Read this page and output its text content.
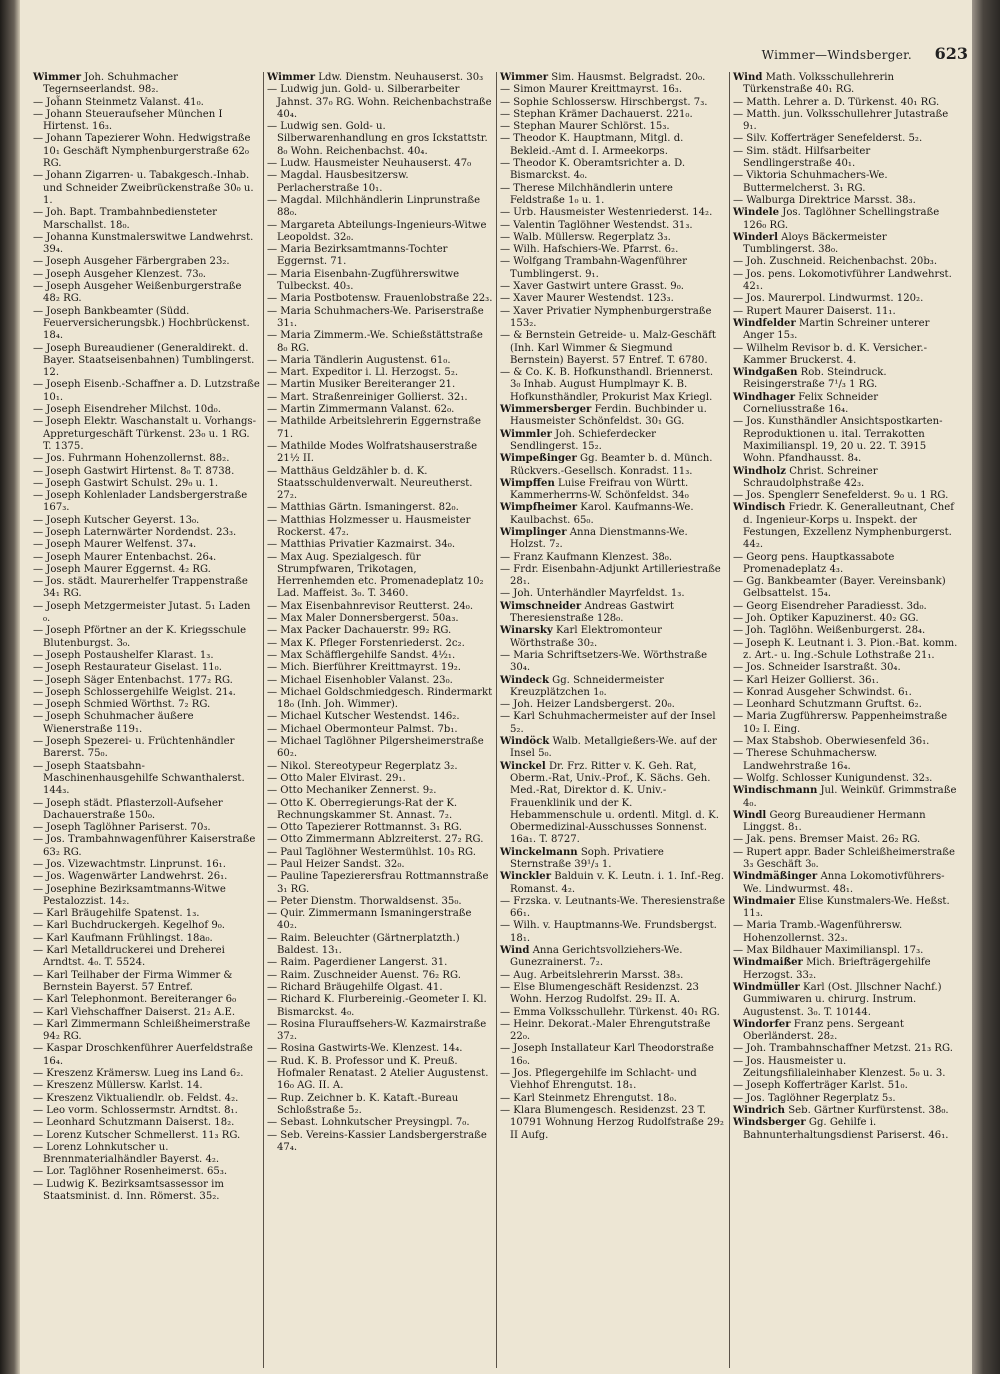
Wimmer—Windsberger. 623

Wimmer Joh. Schuhmacher Tegernseerlandst. 98₂.

— Joh̃ann Steinmetz Valanst. 41₀.

— Johann Steueraufseher München I Hirtenst. 16₃.

— Johann Tapezierer Wohn. Hedwigstraße 10₁ Geschäft Nymphenburgerstraße 62₀ RG.

— Johann Zigarren- u. Tabakgesch.-Inhab. und Schneider Zweibrückenstraße 30₀ u. 1.

— Joh. Bapt. Trambahnbediensteter Marschallst. 18₀.

— Johanna Kunstmalerswitwe Landwehrst. 39₄.

— Joseph Ausgeher Färbergraben 23₂.

— Joseph Ausgeher Klenzest. 73₀.

— Joseph Ausgeher Weißenburgerstraße 48₂ RG.

— Joseph Bankbeamter (Südd. Feuerversicherungsbk.) Hochbrückenst. 18₄.

— Joseph Bureaudiener (Generaldirekt. d. Bayer. Staatseisenbahnen) Tumblingerst. 12.

— Joseph Eisenb.-Schaffner a. D. Lutzstraße 10₁.

— Joseph Eisendreher Milchst. 10d₀.

— Joseph Elektr. Waschanstalt u. Vorhangs-Appreturgeschäft Türkenst. 23₀ u. 1 RG. T. 1375.

— Jos. Fuhrmann Hohenzollernst. 88₂.

— Joseph Gastwirt Hirtenst. 8₀ T. 8738.

— Joseph Gastwirt Schulst. 29₀ u. 1.

— Joseph Kohlenlader Landsbergerstraße 167₃.

— Joseph Kutscher Geyerst. 13₀.

— Joseph Laternwärter Nordendst. 23₃.

— Joseph Maurer Welfenst. 37₄.

— Joseph Maurer Entenbachst. 26₄.

— Joseph Maurer Eggernst. 4₂ RG.

— Jos. städt. Maurerhelfer Trappenstraße 34₁ RG.

— Joseph Metzgermeister Jutast. 5₁ Laden ₀.

— Joseph Pförtner an der K. Kriegsschule Blutenburgst. 3₀.

— Joseph Postaushelfer Klarast. 1₃.

— Joseph Restaurateur Giselast. 11₀.

— Joseph Säger Entenbachst. 177₂ RG.

— Joseph Schlossergehilfe Weiglst. 21₄.

— Joseph Schmied Wörthst. 7₂ RG.

— Joseph Schuhmacher äußere Wienerstraße 119₁.

— Joseph Spezerei- u. Früchtenhändler Barerst. 75₀.

— Joseph Staatsbahn-Maschinenhausgehilfe Schwanthalerst. 144₃.

— Joseph städt. Pflasterzoll-Aufseher Dachauerstraße 150₀.

— Joseph Taglöhner Pariserst. 70₃.

— Jos. Trambahnwagenführer Kaiserstraße 63₂ RG.

— Jos. Vizewachtmstr. Linprunst. 16₁.

— Jos. Wagenwärter Landwehrst. 26₁.

— Josephine Bezirksamtmanns-Witwe Pestalozzist. 14₂.

— Karl Bräugehilfe Spatenst. 1₃.

— Karl Buchdruckergeh. Kegelhof 9₀.

— Karl Kaufmann Frühlingst. 18a₀.

— Karl Metalldruckerei und Dreherei Arndtst. 4₀. T. 5524.

— Karl Teilhaber der Firma Wimmer & Bernstein Bayerst. 57 Entref.

— Karl Telephonmont. Bereiteranger 6₀

— Karl Viehschaffner Daiserst. 21₂ A.E.

— Karl Zimmermann Schleißheimerstraße 94₂ RG.

— Kaspar Droschkenführer Auerfeldstraße 16₄.

— Kreszenz Krämersw. Lueg ins Land 6₂.

— Kreszenz Müllersw. Karlst. 14.

— Kreszenz Viktualiendlr. ob. Feldst. 4₂.

— Leo vorm. Schlossermstr. Arndtst. 8₁.

— Leonhard Schutzmann Daiserst. 18₂.

— Lorenz Kutscher Schmellerst. 11₃ RG.

— Lorenz Lohnkutscher u. Brennmaterialhändler Bayerst. 4₂.

— Lor. Taglöhner Rosenheimerst. 65₃.

— Ludwig K. Bezirksamtsassessor im Staatsminist. d. Inn. Römerst. 35₂.

Wimmer Ldw. Dienstm. Neuhauserst. 30₃

— Ludwig jun. Gold- u. Silberarbeiter Jahnst. 37₀ RG. Wohn. Reichenbachstraße 40₄.

— Ludwig sen. Gold- u. Silberwarenhandlung en gros Ickstattstr. 8₀ Wohn. Reichenbachst. 40₄.

— Ludw. Hausmeister Neuhauserst. 47₀

— Magdal. Hausbesitzersw. Perlacherstraße 10₁.

— Magdal. Milchhändlerin Linprunstraße 88₀.

— Margareta Abteilungs-Ingenieurs-Witwe Leopoldst. 32₀.

— Maria Bezirksamtmanns-Tochter Eggernst. 71.

— Maria Eisenbahn-Zugführerswitwe Tulbeckst. 40₃.

— Maria Postbotensw. Frauenlobstraße 22₃.

— Maria Schuhmachers-We. Pariserstraße 31₁.

— Maria Zimmerm.-We. Schießstättstraße 8₀ RG.

— Maria Tändlerin Augustenst. 61₀.

— Mart. Expeditor i. Ll. Herzogst. 5₂.

— Martin Musiker Bereiteranger 21.

— Mart. Straßenreiniger Gollierst. 32₁.

— Martin Zimmermann Valanst. 62₀.

— Mathilde Arbeitslehrerin Eggernstraße 71.

— Mathilde Modes Wolfratshauserstraße 21½ II.

— Matthäus Geldzähler b. d. K. Staatsschuldenverwalt. Neureutherst. 27₂.

— Matthias Gärtn. Ismaningerst. 82₀.

— Matthias Holzmesser u. Hausmeister Rockerst. 47₂.

— Matthias Privatier Kazmairst. 34₀.

— Max Aug. Spezialgesch. für Strumpfwaren, Trikotagen, Herrenhemden etc. Promenadeplatz 10₂ Lad. Maffeist. 3₀. T. 3460.

— Max Eisenbahnrevisor Reutterst. 24₀.

— Max Maler Donnersbergerst. 50a₃.

— Max Packer Dachauerstr. 99₂ RG.

— Max K. Pfleger Forstenriederst. 2c₂.

— Max Schäfflergehilfe Sandst. 4½₁.

— Mich. Bierführer Kreittmayrst. 19₂.

— Michael Eisenhobler Valanst. 23₀.

— Michael Goldschmiedgesch. Rindermarkt 18₀ (Inh. Joh. Wimmer).

— Michael Kutscher Westendst. 146₂.

— Michael Obermonteur Palmst. 7b₁.

— Michael Taglöhner Pilgersheimerstraße 60₂.

— Nikol. Stereotypeur Regerplatz 3₂.

— Otto Maler Elvirast. 29₁.

— Otto Mechaniker Zennerst. 9₂.

— Otto K. Oberregierungs-Rat der K. Rechnungskammer St. Annast. 7₂.

— Otto Tapezierer Rottmannst. 3₁ RG.

— Otto Zimmermann Ablzreiterst. 27₂ RG.

— Paul Taglöhner Westermühlst. 10₃ RG.

— Paul Heizer Sandst. 32₀.

— Pauline Tapezierersfrau Rottmannstraße 3₁ RG.

— Peter Dienstm. Thorwaldsenst. 35₀.

— Quir. Zimmermann Ismaningerstraße 40₂.

— Raim. Beleuchter (Gärtnerplatzth.) Baldest. 13₁.

— Raim. Pagerdiener Langerst. 31.

— Raim. Zuschneider Auenst. 76₂ RG.

— Richard Bräugehilfe Olgast. 41.

— Richard K. Flurbereinig.-Geometer I. Kl. Bismarckst. 4₀.

— Rosina Flurauffsehers-W. Kazmairstraße 37₂.

— Rosina Gastwirts-We. Klenzest. 14₄.

— Rud. K. B. Professor und K. Preuß. Hofmaler Renatast. 2 Atelier Augustenst. 16₀ AG. II. A.

— Rup. Zeichner b. K. Kataft.-Bureau Schloßstraße 5₂.

— Sebast. Lohnkutscher Preysingpl. 7₀.

— Seb. Vereins-Kassier Landsbergerstraße 47₄.

Wimmer Sim. Hausmst. Belgradst. 20₀.

— Simon Maurer Kreittmayrst. 16₃.

— Sophie Schlossersw. Hirschbergst. 7₃.

— Stephan Krämer Dachauerst. 221₀.

— Stephan Maurer Schlörst. 15₃.

— Theodor K. Hauptmann, Mitgl. d. Bekleid.-Amt d. I. Armeekorps.

— Theodor K. Oberamtsrichter a. D. Bismarckst. 4₀.

— Therese Milchhändlerin untere Feldstraße 1₀ u. 1.

— Urb. Hausmeister Westenriederst. 14₂.

— Valentin Taglöhner Westendst. 31₃.

— Walb. Müllersw. Regerplatz 3₃.

— Wilh. Hafschiers-We. Pfarrst. 6₂.

— Wolfgang Trambahn-Wagenführer Tumblingerst. 9₁.

— Xaver Gastwirt untere Grasst. 9₀.

— Xaver Maurer Westendst. 123₃.

— Xaver Privatier Nymphenburgerstraße 153₂.

— & Bernstein Getreide- u. Malz-Geschäft (Inh. Karl Wimmer & Siegmund Bernstein) Bayerst. 57 Entref. T. 6780.

— & Co. K. B. Hofkunsthandl. Briennerst. 3₀ Inhab. August Humplmayr K. B. Hofkunsthändler, Prokurist Max Kriegl.

Wimmersberger Ferdin. Buchbinder u. Hausmeister Schönfeldst. 30₁ GG.

Wimmler Joh. Schieferdecker Sendlingerst. 15₂.

Wimpeßinger Gg. Beamter b. d. Münch. Rückvers.-Gesellsch. Konradst. 11₃.

Wimpffen Luise Freifrau von Württ. Kammerherrns-W. Schönfeldst. 34₀

Wimpfheimer Karol. Kaufmanns-We. Kaulbachst. 65₀.

Wimplinger Anna Dienstmanns-We. Holzst. 7₂.

— Franz Kaufmann Klenzest. 38₀.

— Frdr. Eisenbahn-Adjunkt Artilleriestraße 28₁.

— Joh. Unterhändler Mayrfeldst. 1₃.

Wimschneider Andreas Gastwirt Theresienstraße 128₀.

Winarsky Karl Elektromonteur Wörthstraße 30₂.

— Maria Schriftsetzers-We. Wörthstraße 30₄.

Windeck Gg. Schneidermeister Kreuzplätzchen 1₀.

— Joh. Heizer Landsbergerst. 20₀.

— Karl Schuhmachermeister auf der Insel 5₂.

Windöck Walb. Metallgießers-We. auf der Insel 5₀.

Winckel Dr. Frz. Ritter v. K. Geh. Rat, Oberm.-Rat, Univ.-Prof., K. Sächs. Geh. Med.-Rat, Direktor d. K. Univ.-Frauenklinik und der K. Hebammenschule u. ordentl. Mitgl. d. K. Obermedizinal-Ausschusses Sonnenst. 16a₁. T. 8727.

Winckelmann Soph. Privatiere Sternstraße 39¹/₃ 1.

Winckler Balduin v. K. Leutn. i. 1. Inf.-Reg. Romanst. 4₂.

— Frzska. v. Leutnants-We. Theresienstraße 66₁.

— Wilh. v. Hauptmanns-We. Frundsbergst. 18₁.

Wind Anna Gerichtsvollziehers-We. Gunezrainerst. 7₂.

— Aug. Arbeitslehrerin Marsst. 38₃.

— Else Blumengeschäft Residenzst. 23 Wohn. Herzog Rudolfst. 29₂ II. A.

— Emma Volksschullehr. Türkenst. 40₁ RG.

— Heinr. Dekorat.-Maler Ehrengutstraße 22₀.

— Joseph Installateur Karl Theodorstraße 16₀.

— Jos. Pflegergehilfe im Schlacht- und Viehhof Ehrengutst. 18₁.

— Karl Steinmetz Ehrengutst. 18₀.

— Klara Blumengesch. Residenzst. 23 T. 10791 Wohnung Herzog Rudolfstraße 29₂ II Aufg.

Wind Math. Volksschullehrerin Türkenstraße 40₁ RG.

— Matth. Lehrer a. D. Türkenst. 40₁ RG.

— Matth. jun. Volksschullehrer Jutastraße 9₁.

— Silv. Kofferträger Senefelderst. 5₂.

— Sim. städt. Hilfsarbeiter Sendlingerstraße 40₁.

— Viktoria Schuhmachers-We. Buttermelcherst. 3₁ RG.

— Walburga Direktrice Marsst. 38₃.

Windele Jos. Taglöhner Schellingstraße 126₀ RG.

Winderl Aloys Bäckermeister Tumblingerst. 38₀.

— Joh. Zuschneid. Reichenbachst. 20b₃.

— Jos. pens. Lokomotivführer Landwehrst. 42₁.

— Jos. Maurerpol. Lindwurmst. 120₂.

— Rupert Maurer Daiserst. 11₁.

Windfelder Martin Schreiner unterer Anger 15₃.

— Wilhelm Revisor b. d. K. Versicher.-Kammer Bruckerst. 4.

Windgaßen Rob. Steindruck. Reisingerstraße 7¹/₃ 1 RG.

Windhager Felix Schneider Corneliusstraße 16₄.

— Jos. Kunsthändler Ansichtspostkarten-Reproduktionen u. ital. Terrakotten Maximilianspl. 19, 20 u. 22. T. 3915 Wohn. Pfandhausst. 8₄.

Windholz Christ. Schreiner Schraudolphstraße 42₃.

— Jos. Spenglerr Senefelderst. 9₀ u. 1 RG.

Windisch Friedr. K. Generalleutnant, Chef d. Ingenieur-Korps u. Inspekt. der Festungen, Exzellenz Nymphenburgerst. 44₂.

— Georg pens. Hauptkassabote Promenadeplatz 4₃.

— Gg. Bankbeamter (Bayer. Vereinsbank) Gelbsattelst. 15₄.

— Georg Eisendreher Paradiesst. 3d₀.

— Joh. Optiker Kapuzinerst. 40₂ GG.

— Joh. Taglöhn. Weißenburgerst. 28₄.

— Joseph K. Leutnant i. 3. Pion.-Bat. komm. z. Art.- u. Ing.-Schule Lothstraße 21₁.

— Jos. Schneider Isarstraßt. 30₄.

— Karl Heizer Gollierst. 36₁.

— Konrad Ausgeher Schwindst. 6₁.

— Leonhard Schutzmann Gruftst. 6₂.

— Maria Zugführersw. Pappenheimstraße 10₂ I. Eing.

— Max Stabshob. Oberwiesenfeld 36₁.

— Therese Schuhmachersw. Landwehrstraße 16₄.

— Wolfg. Schlosser Kunigundenst. 32₃.

Windischmann Jul. Weinküf. Grimmstraße 4₀.

Windl Georg Bureaudiener Hermann Linggst. 8₁.

— Jak. pens. Bremser Maist. 26₂ RG.

— Rupert appr. Bader Schleißheimerstraße 3₃ Geschäft 3₀.

Windmäßinger Anna Lokomotivführers-We. Lindwurmst. 48₁.

Windmaier Elise Kunstmalers-We. Heßst. 11₃.

— Maria Tramb.-Wagenführersw. Hohenzollernst. 32₃.

— Max Bildhauer Maximilianspl. 17₃.

Windmaißer Mich. Briefträgergehilfe Herzogst. 33₂.

Windmüller Karl (Ost. Jllschner Nachf.) Gummiwaren u. chirurg. Instrum. Augustenst. 3₀. T. 10144.

Windorfer Franz pens. Sergeant Oberländerst. 28₂.

— Joh. Trambahnschaffner Metzst. 21₃ RG.

— Jos. Hausmeister u. Zeitungsfilialeinhaber Klenzest. 5₀ u. 3.

— Joseph Kofferträger Karlst. 51₀.

— Jos. Taglöhner Regerplatz 5₃.

Windrich Seb. Gärtner Kurfürstenst. 38₀.

Windsberger Gg. Gehilfe i. Bahnunterhaltungsdienst Pariserst. 46₁.
